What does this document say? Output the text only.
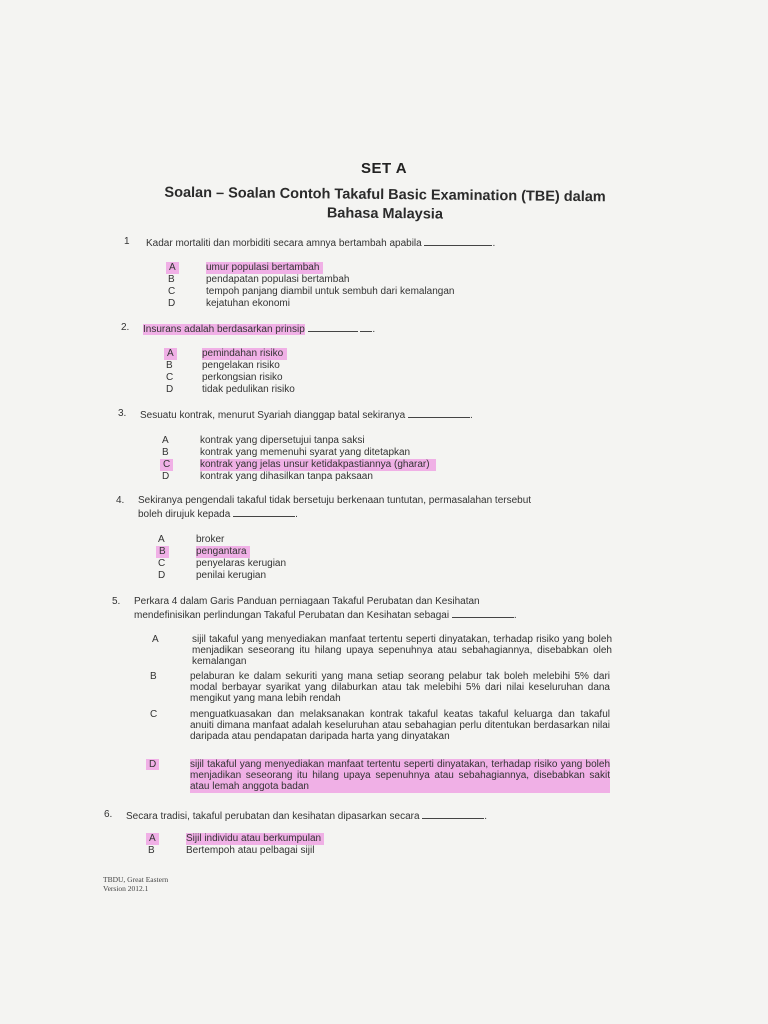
SET A
Soalan – Soalan Contoh Takaful Basic Examination (TBE) dalam
Bahasa Malaysia
1 Kadar mortaliti dan morbiditi secara amnya bertambah apabila	.
A	umur populasi bertambah
B	pendapatan populasi bertambah
C	tempoh panjang diambil untuk sembuh dari kemalangan
D	kejatuhan ekonomi
2. Insurans adalah berdasarkan prinsip	.
A	pemindahan risiko
B	pengelakan risiko
C	perkongsian risiko
D	tidak pedulikan risiko
3. Sesuatu kontrak, menurut Syariah dianggap batal sekiranya	.
A	kontrak yang dipersetujui tanpa saksi
B	kontrak yang memenuhi syarat yang ditetapkan
C	kontrak yang jelas unsur ketidakpastiannya (gharar)
D	kontrak yang dihasilkan tanpa paksaan
4. Sekiranya pengendali takaful tidak bersetuju berkenaan tuntutan, permasalahan tersebut
boleh dirujuk kepada	.
A	broker
B	pengantara
C	penyelaras kerugian
D	penilai kerugian
5. Perkara 4 dalam Garis Panduan perniagaan Takaful Perubatan dan Kesihatan
mendefinisikan perlindungan Takaful Perubatan dan Kesihatan sebagai	.
A	sijil takaful yang menyediakan manfaat tertentu seperti dinyatakan, terhadap risiko yang boleh menjadikan seseorang itu hilang upaya sepenuhnya atau sebahagiannya, disebabkan oleh kemalangan
B	pelaburan ke dalam sekuriti yang mana setiap seorang pelabur tak boleh melebihi 5% dari modal berbayar syarikat yang dilaburkan atau tak melebihi 5% dari nilai keseluruhan dana mengikut yang mana lebih rendah
C	menguatkuasakan dan melaksanakan kontrak takaful keatas takaful keluarga dan takaful anuiti dimana manfaat adalah keseluruhan atau sebahagian perlu ditentukan berdasarkan nilai daripada atau pendapatan daripada harta yang dinyatakan
D	sijil takaful yang menyediakan manfaat tertentu seperti dinyatakan, terhadap risiko yang boleh menjadikan seseorang itu hilang upaya sepenuhnya atau sebahagiannya, disebabkan sakit atau lemah anggota badan
6. Secara tradisi, takaful perubatan dan kesihatan dipasarkan secara	.
A	Sijil individu atau berkumpulan
B	Bertempoh atau pelbagai sijil
TBDU, Great Eastern
Version 2012.1
